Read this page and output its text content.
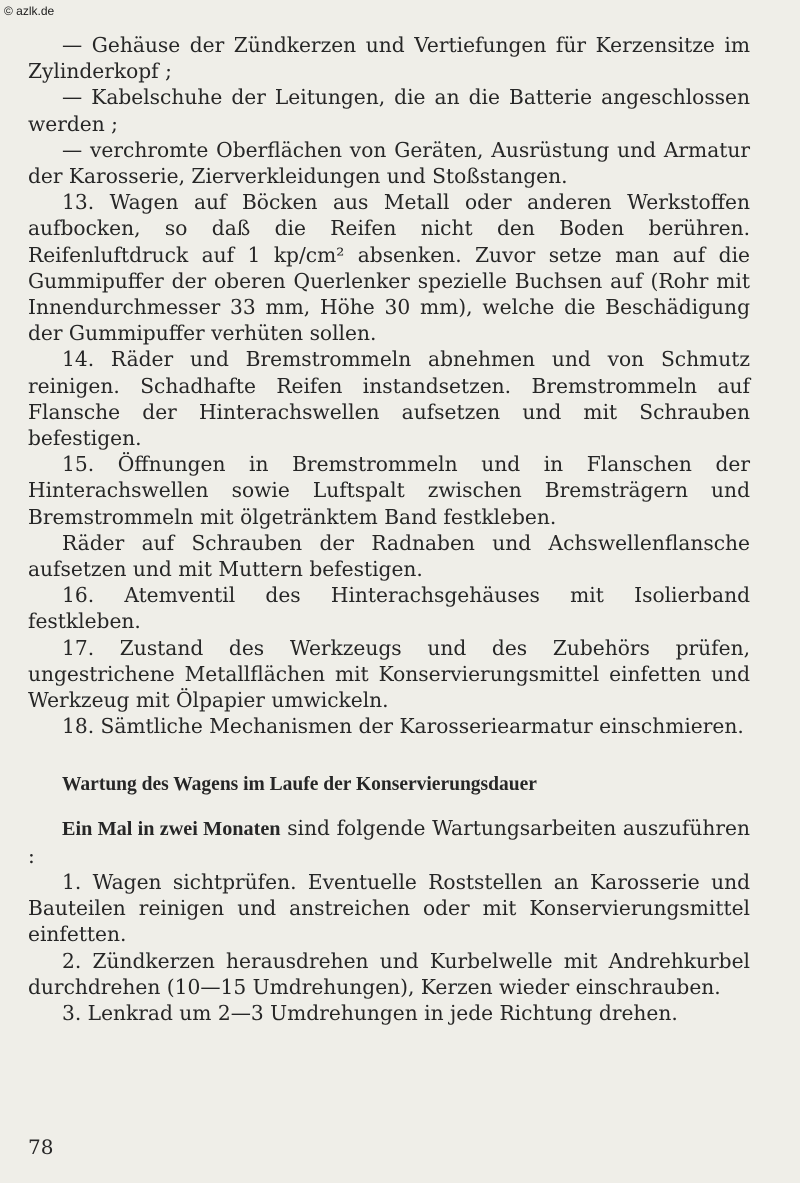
© azlk.de

— Gehäuse der Zündkerzen und Vertiefungen für Kerzensitze im Zylinderkopf ;

— Kabelschuhe der Leitungen, die an die Batterie angeschlossen werden ;

— verchromte Oberflächen von Geräten, Ausrüstung und Armatur der Karosserie, Zierverkleidungen und Stoßstangen.

13. Wagen auf Böcken aus Metall oder anderen Werkstoffen aufbocken, so daß die Reifen nicht den Boden berühren. Reifenluftdruck auf 1 kp/cm² absenken. Zuvor setze man auf die Gummipuffer der oberen Querlenker spezielle Buchsen auf (Rohr mit Innendurchmesser 33 mm, Höhe 30 mm), welche die Beschädigung der Gummipuffer verhüten sollen.

14. Räder und Bremstrommeln abnehmen und von Schmutz reinigen. Schadhafte Reifen instandsetzen. Bremstrommeln auf Flansche der Hinterachswellen aufsetzen und mit Schrauben befestigen.

15. Öffnungen in Bremstrommeln und in Flanschen der Hinterachswellen sowie Luftspalt zwischen Bremsträgern und Bremstrommeln mit ölgetränktem Band festkleben.

Räder auf Schrauben der Radnaben und Achswellenflansche aufsetzen und mit Muttern befestigen.

16. Atemventil des Hinterachsgehäuses mit Isolierband festkleben.

17. Zustand des Werkzeugs und des Zubehörs prüfen, ungestrichene Metallflächen mit Konservierungsmittel einfetten und Werkzeug mit Ölpapier umwickeln.

18. Sämtliche Mechanismen der Karosseriearmatur einschmieren.

Wartung des Wagens im Laufe der Konservierungsdauer

Ein Mal in zwei Monaten sind folgende Wartungsarbeiten auszuführen :

1. Wagen sichtprüfen. Eventuelle Roststellen an Karosserie und Bauteilen reinigen und anstreichen oder mit Konservierungsmittel einfetten.

2. Zündkerzen herausdrehen und Kurbelwelle mit Andrehkurbel durchdrehen (10—15 Umdrehungen), Kerzen wieder einschrauben.

3. Lenkrad um 2—3 Umdrehungen in jede Richtung drehen.

78
